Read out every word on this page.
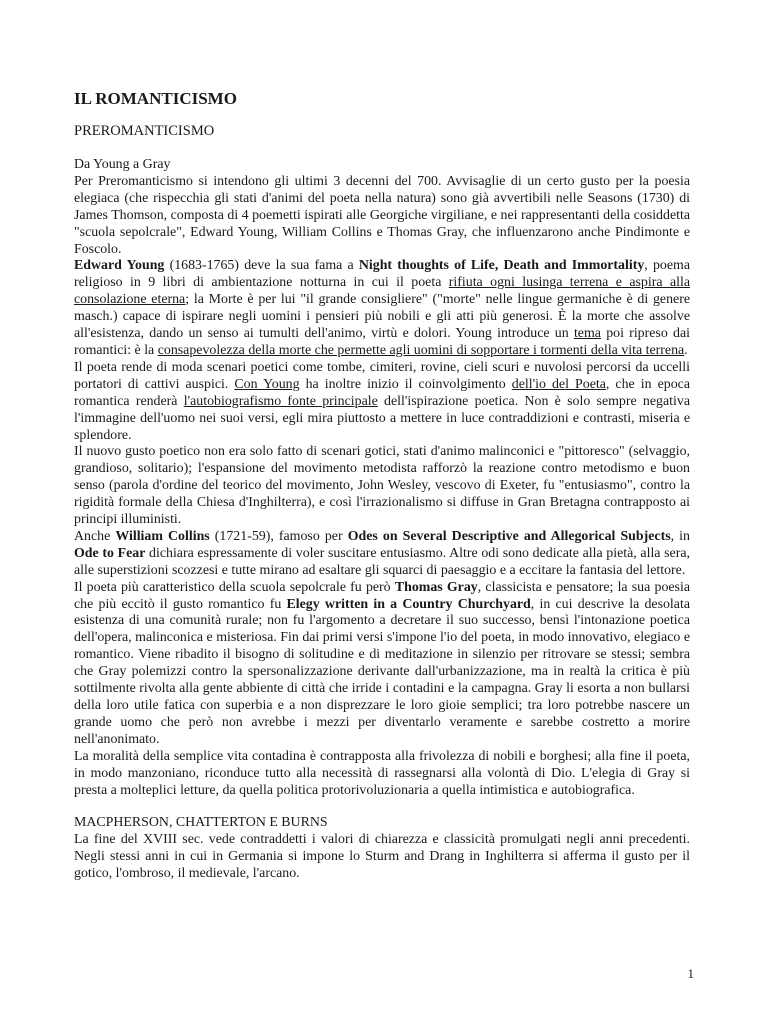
IL ROMANTICISMO
PREROMANTICISMO

Da Young a Gray

Per Preromanticismo si intendono gli ultimi 3 decenni del 700. Avvisaglie di un certo gusto per la poesia elegiaca (che rispecchia gli stati d'animi del poeta nella natura) sono già avvertibili nelle Seasons (1730) di James Thomson, composta di 4 poemetti ispirati alle Georgiche virgiliane, e nei rappresentanti della cosiddetta "scuola sepolcrale", Edward Young, William Collins e Thomas Gray, che influenzarono anche Pindimonte e Foscolo.

Edward Young (1683-1765) deve la sua fama a Night thoughts of Life, Death and Immortality, poema religioso in 9 libri di ambientazione notturna in cui il poeta rifiuta ogni lusinga terrena e aspira alla consolazione eterna; la Morte è per lui "il grande consigliere" ("morte" nelle lingue germaniche è di genere masch.) capace di ispirare negli uomini i pensieri più nobili e gli atti più generosi. È la morte che assolve all'esistenza, dando un senso ai tumulti dell'animo, virtù e dolori. Young introduce un tema poi ripreso dai romantici: è la consapevolezza della morte che permette agli uomini di sopportare i tormenti della vita terrena.

Il poeta rende di moda scenari poetici come tombe, cimiteri, rovine, cieli scuri e nuvolosi percorsi da uccelli portatori di cattivi auspici. Con Young ha inoltre inizio il coinvolgimento dell'io del Poeta, che in epoca romantica renderà l'autobiografismo fonte principale dell'ispirazione poetica. Non è solo sempre negativa l'immagine dell'uomo nei suoi versi, egli mira piuttosto a mettere in luce contraddizioni e contrasti, miseria e splendore.

Il nuovo gusto poetico non era solo fatto di scenari gotici, stati d'animo malinconici e "pittoresco" (selvaggio, grandioso, solitario); l'espansione del movimento metodista rafforzò la reazione contro metodismo e buon senso (parola d'ordine del teorico del movimento, John Wesley, vescovo di Exeter, fu "entusiasmo", contro la rigidità formale della Chiesa d'Inghilterra), e così l'irrazionalismo si diffuse in Gran Bretagna contrapposto ai principi illuministi.

Anche William Collins (1721-59), famoso per Odes on Several Descriptive and Allegorical Subjects, in Ode to Fear dichiara espressamente di voler suscitare entusiasmo. Altre odi sono dedicate alla pietà, alla sera, alle superstizioni scozzesi e tutte mirano ad esaltare gli squarci di paesaggio e a eccitare la fantasia del lettore.

Il poeta più caratteristico della scuola sepolcrale fu però Thomas Gray, classicista e pensatore; la sua poesia che più eccitò il gusto romantico fu Elegy written in a Country Churchyard, in cui descrive la desolata esistenza di una comunità rurale; non fu l'argomento a decretare il suo successo, bensì l'intonazione poetica dell'opera, malinconica e misteriosa. Fin dai primi versi s'impone l'io del poeta, in modo innovativo, elegiaco e romantico. Viene ribadito il bisogno di solitudine e di meditazione in silenzio per ritrovare se stessi; sembra che Gray polemizzi contro la spersonalizzazione derivante dall'urbanizzazione, ma in realtà la critica è più sottilmente rivolta alla gente abbiente di città che irride i contadini e la campagna. Gray li esorta a non bullarsi della loro utile fatica con superbia e a non disprezzare le loro gioie semplici; tra loro potrebbe nascere un grande uomo che però non avrebbe i mezzi per diventarlo veramente e sarebbe costretto a morire nell'anonimato.

La moralità della semplice vita contadina è contrapposta alla frivolezza di nobili e borghesi; alla fine il poeta, in modo manzoniano, riconduce tutto alla necessità di rassegnarsi alla volontà di Dio. L'elegia di Gray si presta a molteplici letture, da quella politica protorivoluzionaria a quella intimistica e autobiografica.

MACPHERSON, CHATTERTON E BURNS

La fine del XVIII sec. vede contraddetti i valori di chiarezza e classicità promulgati negli anni precedenti. Negli stessi anni in cui in Germania si impone lo Sturm and Drang in Inghilterra si afferma il gusto per il gotico, l'ombroso, il medievale, l'arcano.

1
